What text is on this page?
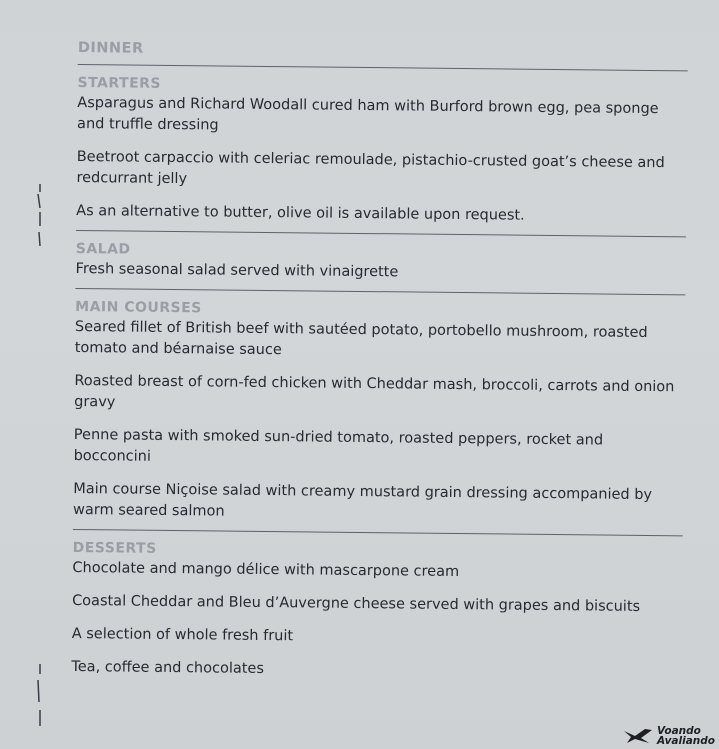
DINNER
STARTERS

Asparagus and Richard Woodall cured ham with Burford brown egg, pea sponge and truffle dressing

Beetroot carpaccio with celeriac remoulade, pistachio-crusted goat’s cheese and redcurrant jelly

As an alternative to butter, olive oil is available upon request.

SALAD

Fresh seasonal salad served with vinaigrette

MAIN COURSES

Seared fillet of British beef with sautéed potato, portobello mushroom, roasted tomato and béarnaise sauce

Roasted breast of corn-fed chicken with Cheddar mash, broccoli, carrots and onion gravy

Penne pasta with smoked sun-dried tomato, roasted peppers, rocket and bocconcini

Main course Niçoise salad with creamy mustard grain dressing accompanied by warm seared salmon

DESSERTS

Chocolate and mango délice with mascarpone cream

Coastal Cheddar and Bleu d’Auvergne cheese served with grapes and biscuits

A selection of whole fresh fruit

Tea, coffee and chocolates

Voando
Avaliando
